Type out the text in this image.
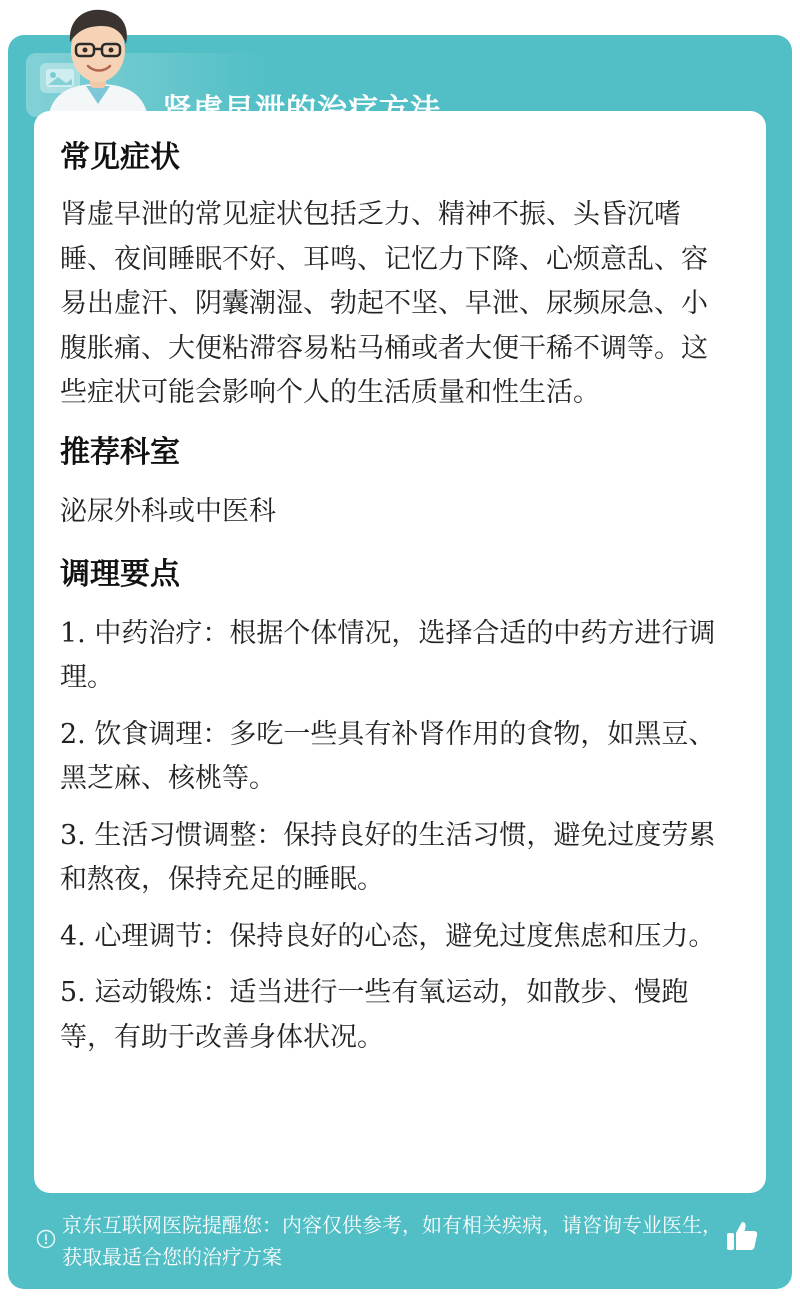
京东互联网医院提醒您：内容仅供参考，如有相关疾病，请咨询专业医生，获取最适合您的治疗方案
常见症状

肾虚早泄的常见症状包括乏力、精神不振、头昏沉嗜睡、夜间睡眠不好、耳鸣、记忆力下降、心烦意乱、容易出虚汗、阴囊潮湿、勃起不坚、早泄、尿频尿急、小腹胀痛、大便粘滞容易粘马桶或者大便干稀不调等。这些症状可能会影响个人的生活质量和性生活。

推荐科室

泌尿外科或中医科

调理要点
1. 中药治疗：根据个体情况，选择合适的中药方进行调理。
2. 饮食调理：多吃一些具有补肾作用的食物，如黑豆、黑芝麻、核桃等。
3. 生活习惯调整：保持良好的生活习惯，避免过度劳累和熬夜，保持充足的睡眠。
4. 心理调节：保持良好的心态，避免过度焦虑和压力。
5. 运动锻炼：适当进行一些有氧运动，如散步、慢跑等，有助于改善身体状况。
